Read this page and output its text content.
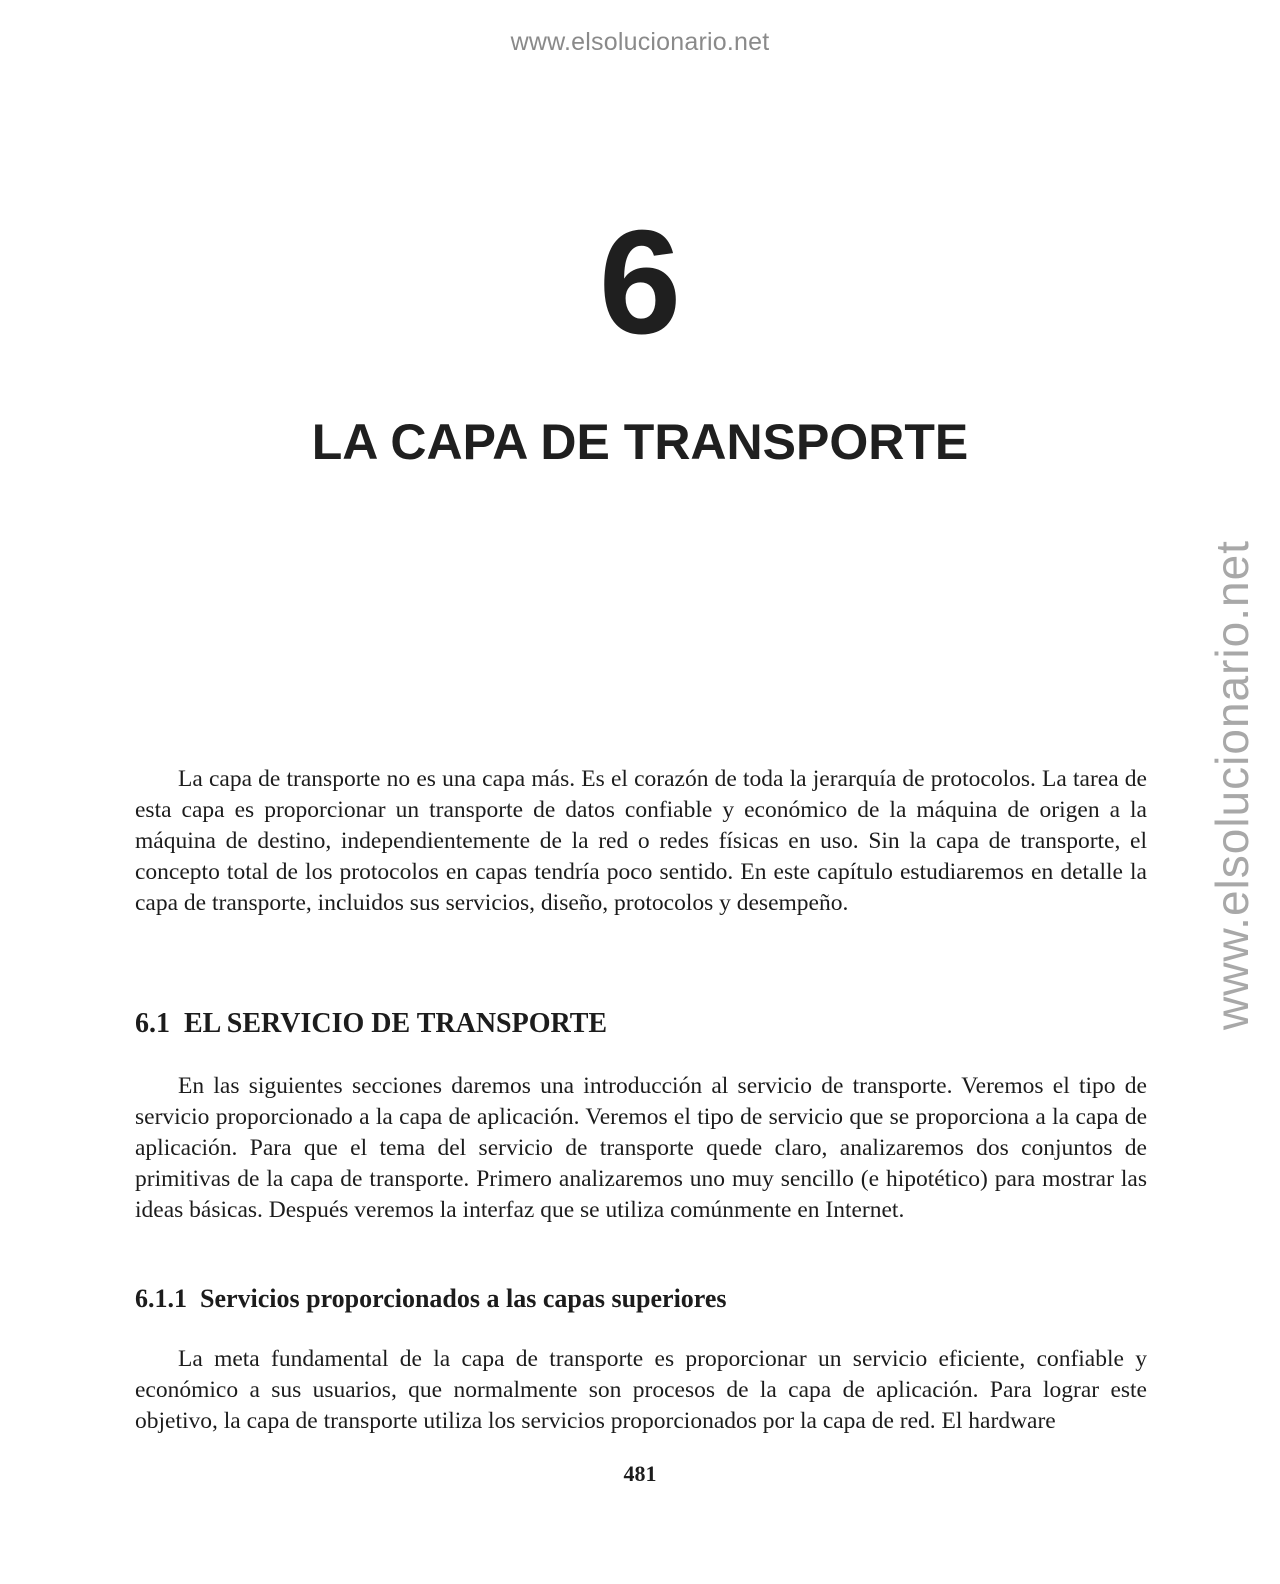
www.elsolucionario.net
www.elsolucionario.net
6
LA CAPA DE TRANSPORTE

La capa de transporte no es una capa más. Es el corazón de toda la jerarquía de protocolos. La tarea de esta capa es proporcionar un transporte de datos confiable y económico de la máquina de origen a la máquina de destino, independientemente de la red o redes físicas en uso. Sin la capa de transporte, el concepto total de los protocolos en capas tendría poco sentido. En este capítulo estudiaremos en detalle la capa de transporte, incluidos sus servicios, diseño, protocolos y desempeño.

6.1  EL SERVICIO DE TRANSPORTE

En las siguientes secciones daremos una introducción al servicio de transporte. Veremos el tipo de servicio proporcionado a la capa de aplicación. Veremos el tipo de servicio que se proporciona a la capa de aplicación. Para que el tema del servicio de transporte quede claro, analizaremos dos conjuntos de primitivas de la capa de transporte. Primero analizaremos uno muy sencillo (e hipotético) para mostrar las ideas básicas. Después veremos la interfaz que se utiliza comúnmente en Internet.

6.1.1  Servicios proporcionados a las capas superiores

La meta fundamental de la capa de transporte es proporcionar un servicio eficiente, confiable y económico a sus usuarios, que normalmente son procesos de la capa de aplicación. Para lograr este objetivo, la capa de transporte utiliza los servicios proporcionados por la capa de red. El hardware

481
